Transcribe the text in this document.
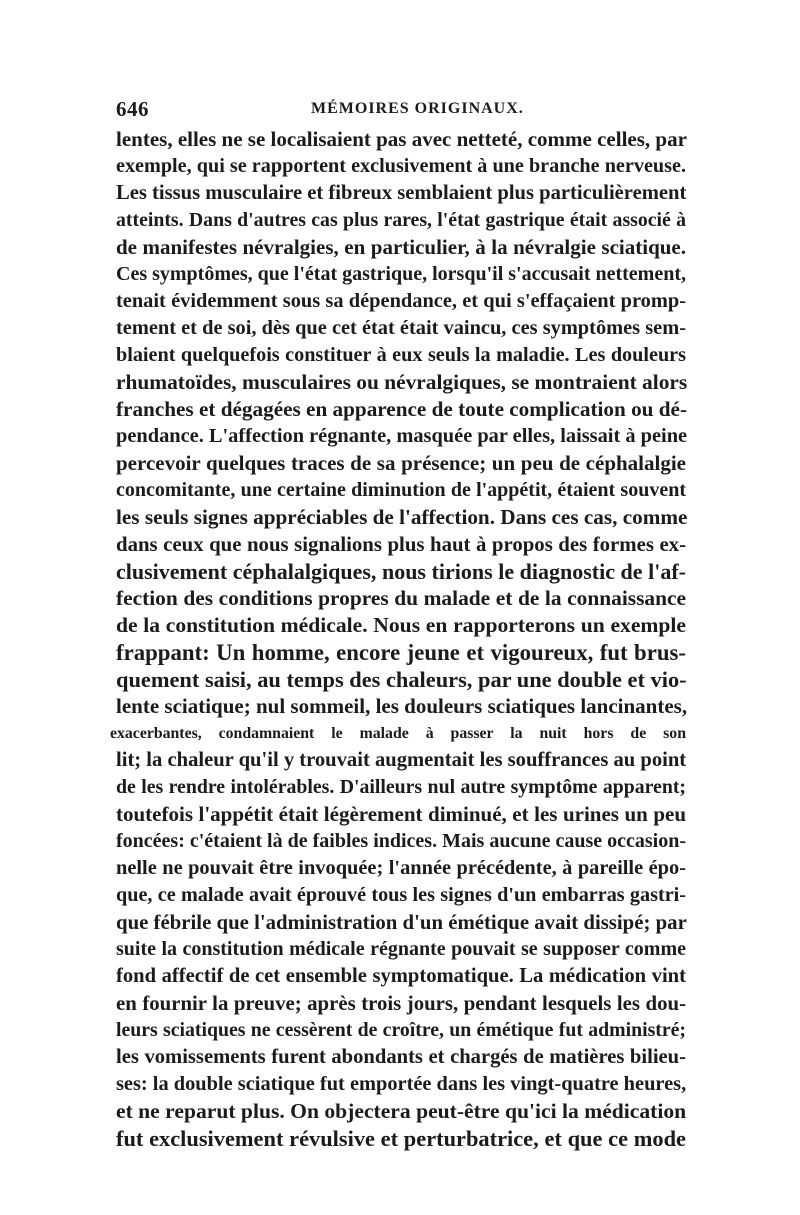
646	MÉMOIRES ORIGINAUX.
lentes, elles ne se localisaient pas avec netteté, comme celles, par
exemple, qui se rapportent exclusivement à une branche nerveuse.
Les tissus musculaire et fibreux semblaient plus particulièrement
atteints. Dans d'autres cas plus rares, l'état gastrique était associé à
de manifestes névralgies, en particulier, à la névralgie sciatique.
Ces symptômes, que l'état gastrique, lorsqu'il s'accusait nettement,
tenait évidemment sous sa dépendance, et qui s'effaçaient promp-
tement et de soi, dès que cet état était vaincu, ces symptômes sem-
blaient quelquefois constituer à eux seuls la maladie. Les douleurs
rhumatoïdes, musculaires ou névralgiques, se montraient alors
franches et dégagées en apparence de toute complication ou dé-
pendance. L'affection régnante, masquée par elles, laissait à peine
percevoir quelques traces de sa présence; un peu de céphalalgie
concomitante, une certaine diminution de l'appétit, étaient souvent
les seuls signes appréciables de l'affection. Dans ces cas, comme
dans ceux que nous signalions plus haut à propos des formes ex-
clusivement céphalalgiques, nous tirions le diagnostic de l'af-
fection des conditions propres du malade et de la connaissance
de la constitution médicale. Nous en rapporterons un exemple
frappant: Un homme, encore jeune et vigoureux, fut brus-
quement saisi, au temps des chaleurs, par une double et vio-
lente sciatique; nul sommeil, les douleurs sciatiques lancinantes,
exacerbantes, condamnaient le malade à passer la nuit hors de son
lit; la chaleur qu'il y trouvait augmentait les souffrances au point
de les rendre intolérables. D'ailleurs nul autre symptôme apparent;
toutefois l'appétit était légèrement diminué, et les urines un peu
foncées: c'étaient là de faibles indices. Mais aucune cause occasion-
nelle ne pouvait être invoquée; l'année précédente, à pareille épo-
que, ce malade avait éprouvé tous les signes d'un embarras gastri-
que fébrile que l'administration d'un émétique avait dissipé; par
suite la constitution médicale régnante pouvait se supposer comme
fond affectif de cet ensemble symptomatique. La médication vint
en fournir la preuve; après trois jours, pendant lesquels les dou-
leurs sciatiques ne cessèrent de croître, un émétique fut administré;
les vomissements furent abondants et chargés de matières bilieu-
ses: la double sciatique fut emportée dans les vingt-quatre heures,
et ne reparut plus. On objectera peut-être qu'ici la médication
fut exclusivement révulsive et perturbatrice, et que ce mode
